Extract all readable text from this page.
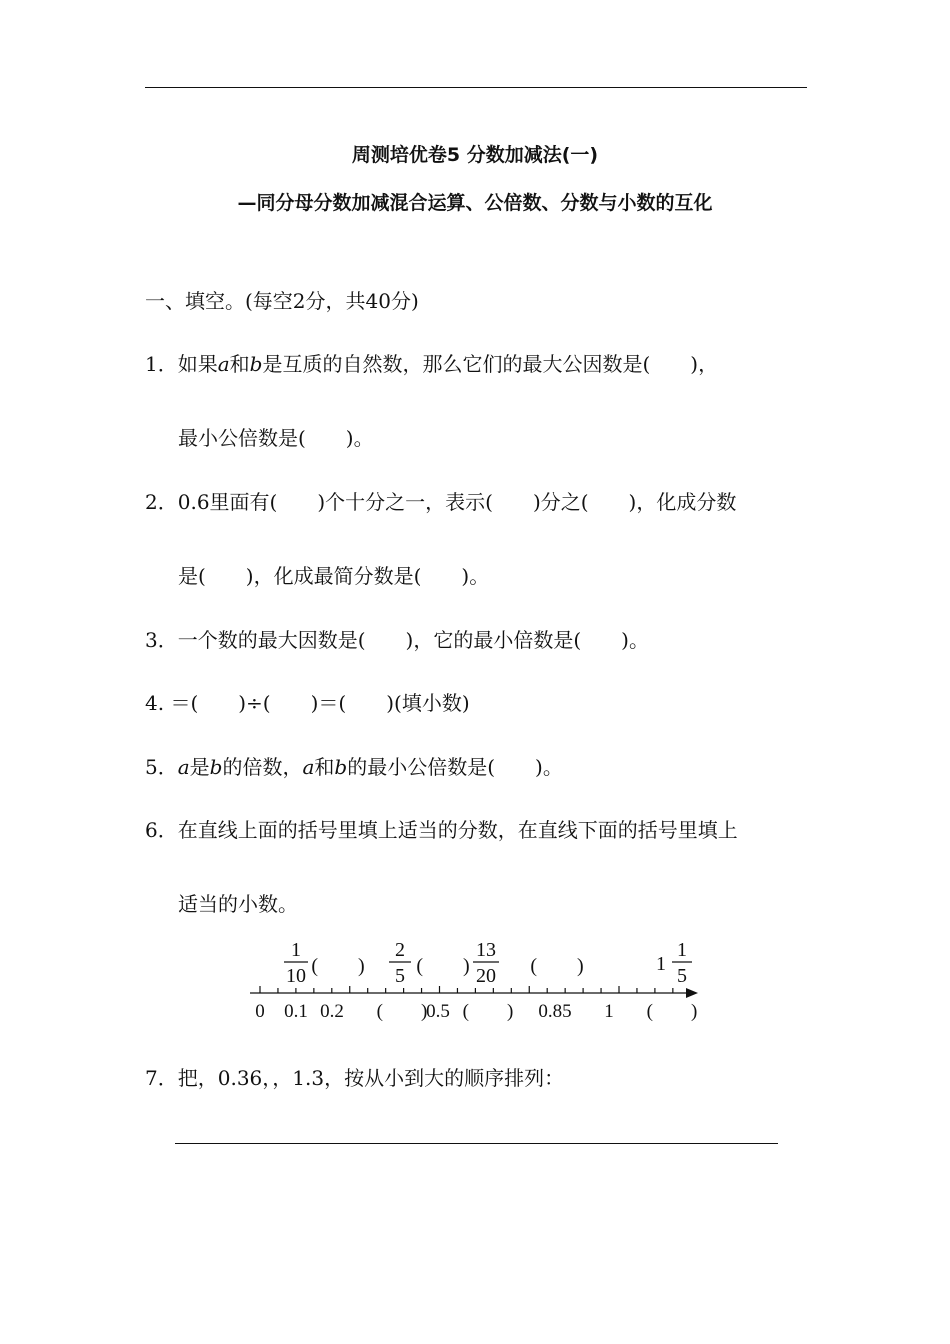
周测培优卷5 分数加减法(一)
—同分母分数加减混合运算、公倍数、分数与小数的互化
一、填空。(每空2分，共40分)
1．如果a和b是互质的自然数，那么它们的最大公因数是(　　)，
最小公倍数是(　　)。
2．0.6里面有(　　)个十分之一，表示(　　)分之(　　)，化成分数
是(　　)，化成最简分数是(　　)。
3．一个数的最大因数是(　　)，它的最小倍数是(　　)。
4. ＝(　　)÷(　　)＝(　　)(填小数)
5．a是b的倍数，a和b的最小公倍数是(　　)。
6．在直线上面的括号里填上适当的分数，在直线下面的括号里填上
适当的小数。
1
10 (　　)
2
5 (　　)
13
20 (　　)	1
1
5
0 0.1 0.2 (　　)
0.5 (　　) 0.85 1 (　　)
7．把，0.36，，1.3，按从小到大的顺序排列：
